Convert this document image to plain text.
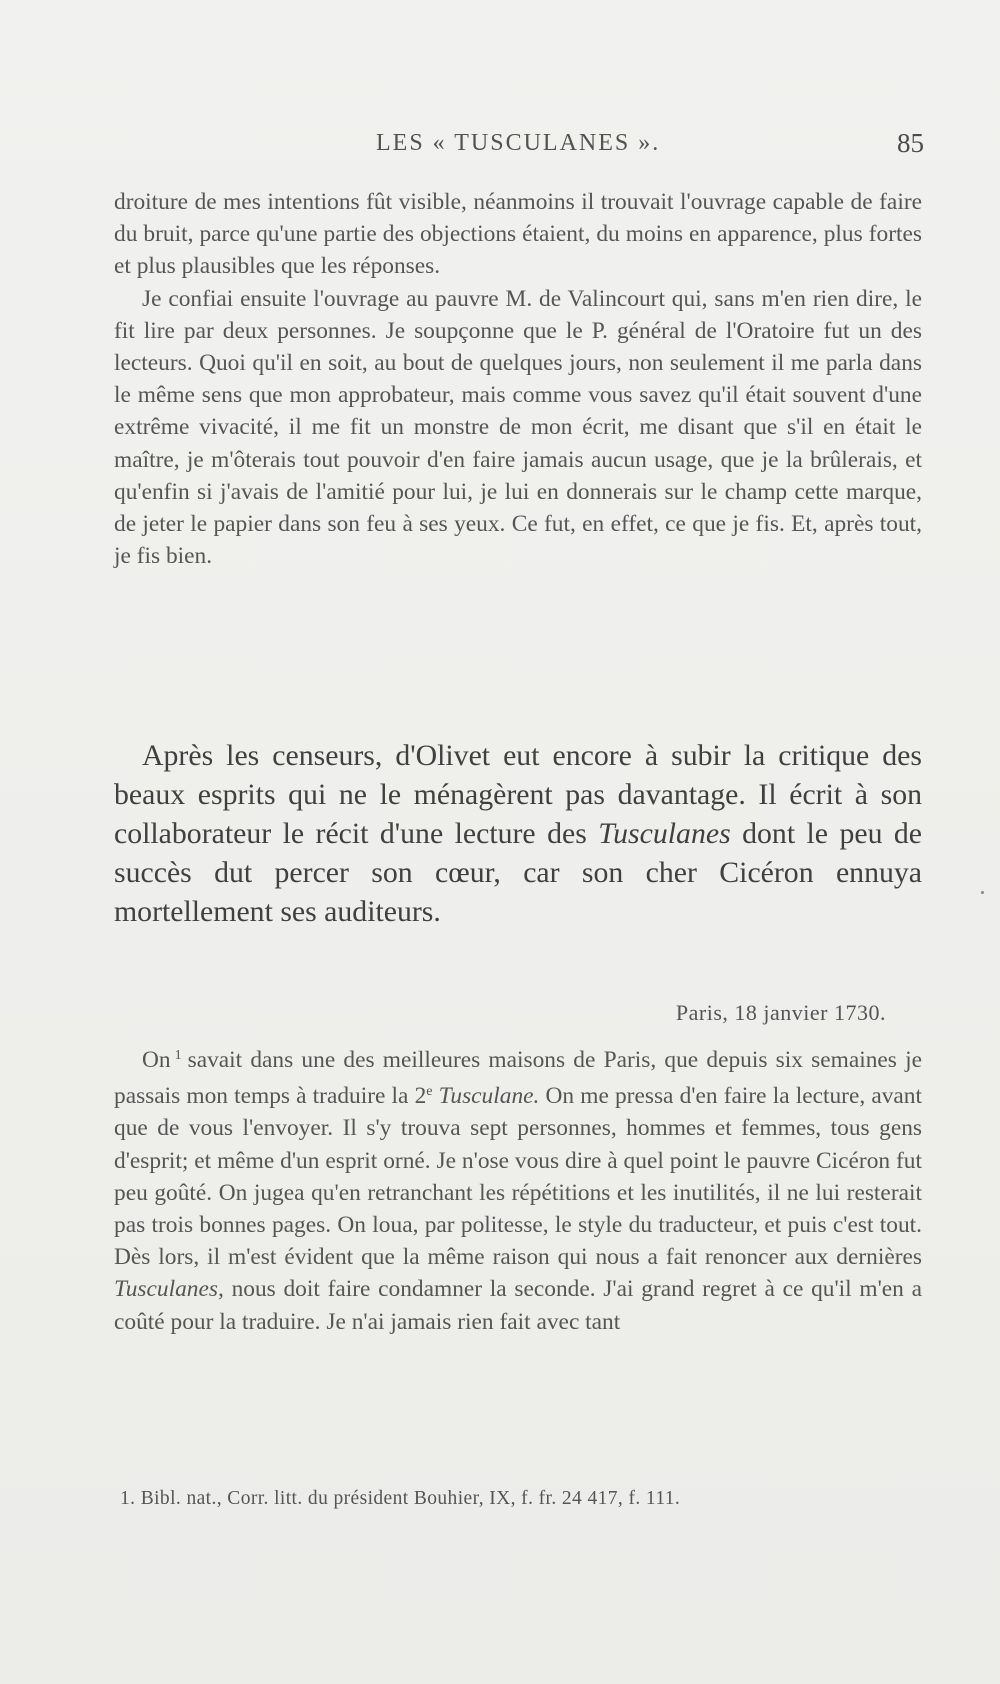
LES « TUSCULANES ».	85

droiture de mes intentions fût visible, néanmoins il trouvait l'ouvrage capable de faire du bruit, parce qu'une partie des objections étaient, du moins en apparence, plus fortes et plus plausibles que les réponses.

Je confiai ensuite l'ouvrage au pauvre M. de Valincourt qui, sans m'en rien dire, le fit lire par deux personnes. Je soupçonne que le P. général de l'Oratoire fut un des lecteurs. Quoi qu'il en soit, au bout de quelques jours, non seulement il me parla dans le même sens que mon approbateur, mais comme vous savez qu'il était souvent d'une extrême vivacité, il me fit un monstre de mon écrit, me disant que s'il en était le maître, je m'ôterais tout pouvoir d'en faire jamais aucun usage, que je la brûlerais, et qu'enfin si j'avais de l'amitié pour lui, je lui en donnerais sur le champ cette marque, de jeter le papier dans son feu à ses yeux. Ce fut, en effet, ce que je fis. Et, après tout, je fis bien.

Après les censeurs, d'Olivet eut encore à subir la critique des beaux esprits qui ne le ménagèrent pas davantage. Il écrit à son collaborateur le récit d'une lecture des Tusculanes dont le peu de succès dut percer son cœur, car son cher Cicéron ennuya mortellement ses auditeurs.

Paris, 18 janvier 1730.

On $^1$ savait dans une des meilleures maisons de Paris, que depuis six semaines je passais mon temps à traduire la 2e Tusculane. On me pressa d'en faire la lecture, avant que de vous l'envoyer. Il s'y trouva sept personnes, hommes et femmes, tous gens d'esprit; et même d'un esprit orné. Je n'ose vous dire à quel point le pauvre Cicéron fut peu goûté. On jugea qu'en retranchant les répétitions et les inutilités, il ne lui resterait pas trois bonnes pages. On loua, par politesse, le style du traducteur, et puis c'est tout. Dès lors, il m'est évident que la même raison qui nous a fait renoncer aux dernières Tusculanes, nous doit faire condamner la seconde. J'ai grand regret à ce qu'il m'en a coûté pour la traduire. Je n'ai jamais rien fait avec tant

1. Bibl. nat., Corr. litt. du président Bouhier, IX, f. fr. 24 417, f. 111.
